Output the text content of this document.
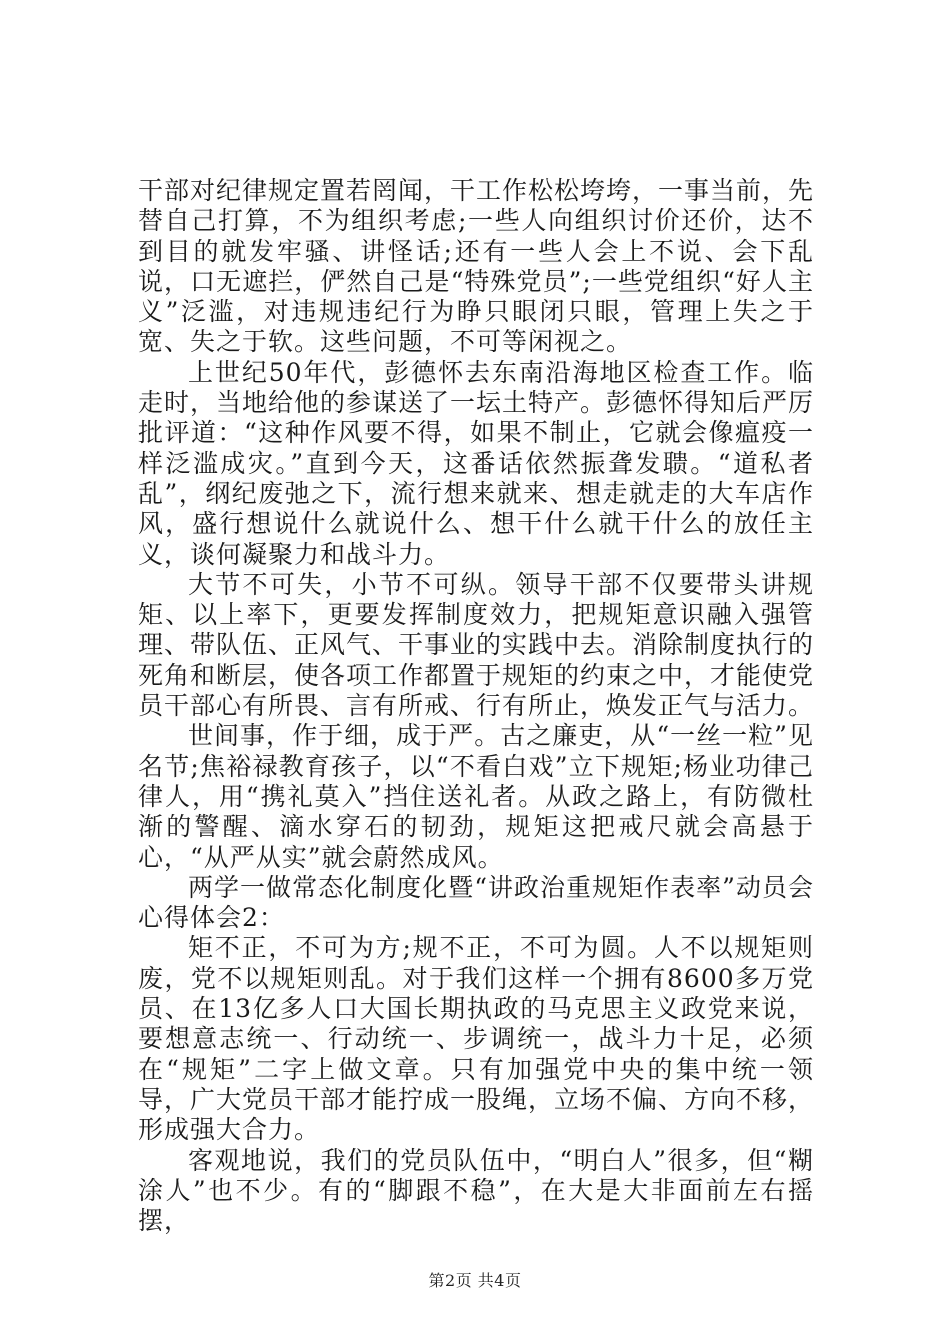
干部对纪律规定置若罔闻，干工作松松垮垮，一事当前，先替自己打算，不为组织考虑;一些人向组织讨价还价，达不到目的就发牢骚、讲怪话;还有一些人会上不说、会下乱说，口无遮拦，俨然自己是“特殊党员”;一些党组织“好人主义”泛滥，对违规违纪行为睁只眼闭只眼，管理上失之于宽、失之于软。这些问题，不可等闲视之。

上世纪50年代，彭德怀去东南沿海地区检查工作。临走时，当地给他的参谋送了一坛土特产。彭德怀得知后严厉批评道：“这种作风要不得，如果不制止，它就会像瘟疫一样泛滥成灾。”直到今天，这番话依然振聋发聩。“道私者乱”，纲纪废弛之下，流行想来就来、想走就走的大车店作风，盛行想说什么就说什么、想干什么就干什么的放任主义，谈何凝聚力和战斗力。

大节不可失，小节不可纵。领导干部不仅要带头讲规矩、以上率下，更要发挥制度效力，把规矩意识融入强管理、带队伍、正风气、干事业的实践中去。消除制度执行的死角和断层，使各项工作都置于规矩的约束之中，才能使党员干部心有所畏、言有所戒、行有所止，焕发正气与活力。

世间事，作于细，成于严。古之廉吏，从“一丝一粒”见名节;焦裕禄教育孩子，以“不看白戏”立下规矩;杨业功律己律人，用“携礼莫入”挡住送礼者。从政之路上，有防微杜渐的警醒、滴水穿石的韧劲，规矩这把戒尺就会高悬于心，“从严从实”就会蔚然成风。

两学一做常态化制度化暨“讲政治重规矩作表率”动员会心得体会2：

矩不正，不可为方;规不正，不可为圆。人不以规矩则废，党不以规矩则乱。对于我们这样一个拥有8600多万党员、在13亿多人口大国长期执政的马克思主义政党来说，要想意志统一、行动统一、步调统一，战斗力十足，必须在“规矩”二字上做文章。只有加强党中央的集中统一领导，广大党员干部才能拧成一股绳，立场不偏、方向不移，形成强大合力。

客观地说，我们的党员队伍中，“明白人”很多，但“糊涂人”也不少。有的“脚跟不稳”，在大是大非面前左右摇摆，

第2页 共4页
